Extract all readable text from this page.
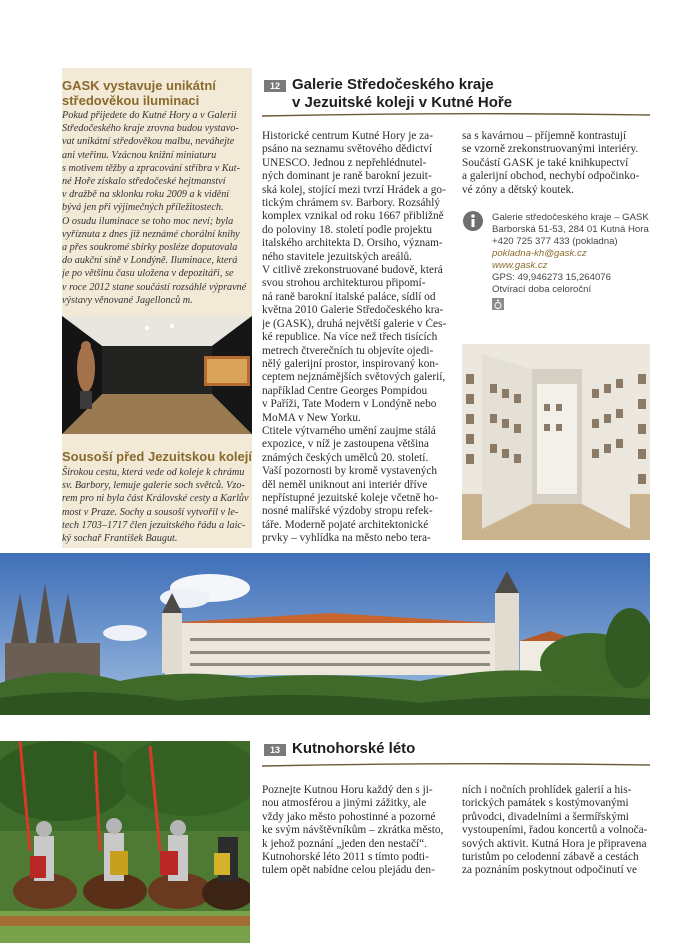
GASK vystavuje unikátní
středověkou iluminaci
Pokud přijedete do Kutné Hory a v Galerii
Středočeského kraje zrovna budou vystavo-
vat unikátní středověkou malbu, neváhejte
ani vteřinu. Vzácnou knižní miniaturu
s motivem těžby a zpracování stříbra v Kut-
né Hoře získalo středočeské hejtmanství
v dražbě na sklonku roku 2009 a k vidění
bývá jen při výjimečných příležitostech.
O osudu iluminace se toho moc neví; byla
vyříznuta z dnes již neznámé chorální knihy
a přes soukromé sbírky posléze doputovala
do aukční síně v Londýně. Iluminace, která
je po většinu času uložena v depozitáři, se
v roce 2012 stane součástí rozsáhlé výpravné
výstavy věnované Jagellonců m.
Sousoší před Jezuitskou kolejí
Širokou cestu, která vede od koleje k chrámu
sv. Barbory, lemuje galerie soch světců. Vzo-
rem pro ni byla část Královské cesty a Karlův
most v Praze. Sochy a sousoší vytvořil v le-
tech 1703–1717 člen jezuitského řádu a laic-
ký sochař František Baugut.
12 Galerie Středočeského kraje
v Jezuitské koleji v Kutné Hoře
Historické centrum Kutné Hory je za-
psáno na seznamu světového dědictví
UNESCO. Jednou z nepřehlédnutel-
ných dominant je raně barokní jezuit-
ská kolej, stojící mezi tvrzí Hrádek a go-
tickým chrámem sv. Barbory. Rozsáhlý
komplex vznikal od roku 1667 přibližně
do poloviny 18. století podle projektu
italského architekta D. Orsiho, význam-
ného stavitele jezuitských areálů.
V citlivě zrekonstruované budově, která
svou strohou architekturou připomí-
ná raně barokní italské paláce, sídlí od
května 2010 Galerie Středočeského kra-
je (GASK), druhá největší galerie v Čes-
ké republice. Na více než třech tisících
metrech čtverečních tu objevíte ojedi-
nělý galerijní prostor, inspirovaný kon-
ceptem nejznámějších světových galerií,
například Centre Georges Pompidou
v Paříži, Tate Modern v Londýně nebo
MoMA v New Yorku.
Ctitele výtvarného umění zaujme stálá
expozice, v níž je zastoupena většina
známých českých umělců 20. století.
Vaší pozornosti by kromě vystavených
děl neměl uniknout ani interiér dříve
nepřístupné jezuitské koleje včetně ho-
nosné malířské výzdoby stropu refek-
táře. Moderně pojaté architektonické
prvky – vyhlídka na město nebo tera-
sa s kavárnou – příjemně kontrastují
se vzorně zrekonstruovanými interiéry.
Součástí GASK je také knihkupectví
a galerijní obchod, nechybí odpočinko-
vé zóny a dětský koutek.
Galerie středočeského kraje – GASK
Barborská 51-53, 284 01 Kutná Hora
+420 725 377 433 (pokladna)
pokladna-kh@gask.cz
www.gask.cz
GPS: 49,946273 15,264076
Otvírací doba celoroční
13 Kutnohorské léto
Poznejte Kutnou Horu každý den s ji-
nou atmosférou a jinými zážitky, ale
vždy jako město pohostinné a pozorné
ke svým návštěvníkům – zkrátka město,
k jehož poznání „jeden den nestačí“.
Kutnohorské léto 2011 s tímto podti-
tulem opět nabídne celou plejádu den-
ních i nočních prohlídek galerií a his-
torických památek s kostýmovanými
průvodci, divadelními a šermířskými
vystoupeními, řadou koncertů a volnoča-
sových aktivit. Kutná Hora je připravena
turistům po celodenní zábavě a cestách
za poznáním poskytnout odpočinutí ve
